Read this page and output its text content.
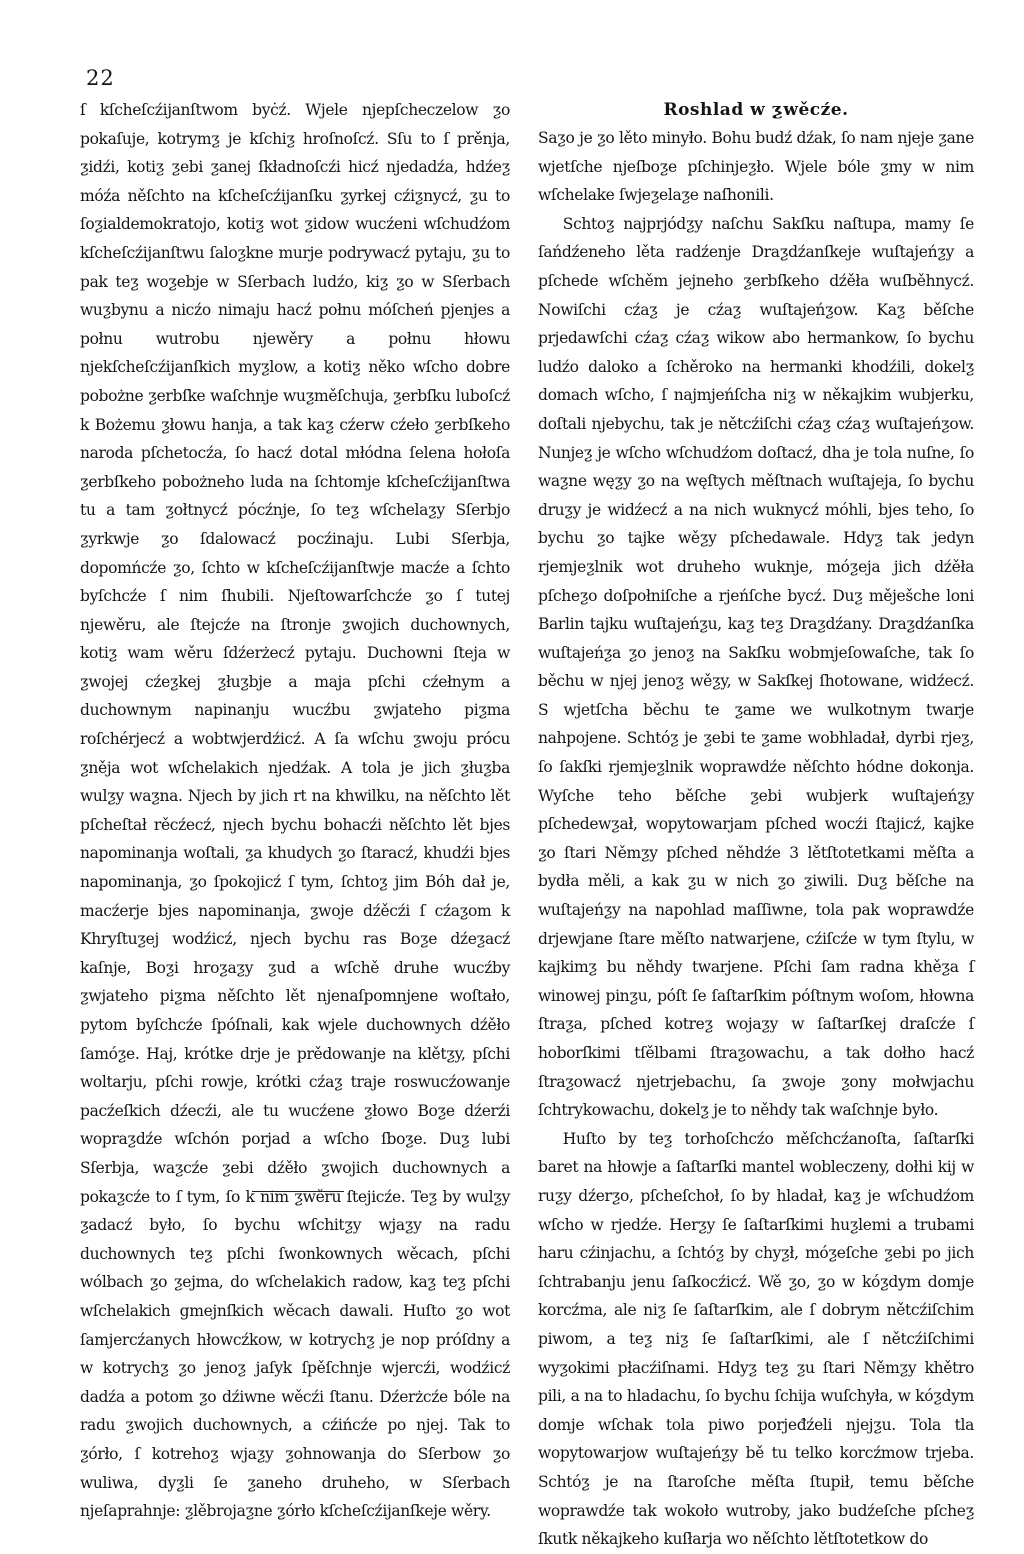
22

ſ kſcheſcźijanſtwom byċź. Wjele njepſcheczelow ƺo pokaſuje, kotrymƺ je kſchiƺ hroſnoſcź. Sſu to ſ prěnja, ƺidźi, kotiƺ ƺebi ƺanej ſkładnoſcźi hicź njedadźa, hdźeƺ móźa něſchto na kſcheſcźijanſku ƺyrkej cźiƺnycź, ƺu to ſoƺialdemokratojo, kotiƺ wot ƺidow wucźeni wſchudźom kſcheſcźijanſtwu ſaloƺkne murje podrywacź pytaju, ƺu to pak teƺ woƺebje w Sſerbach ludźo, kiƺ ƺo w Sſerbach wuƺbynu a nicźo nimaju hacź połnu móſcheń pjenjes a połnu wutrobu njewěry a połnu hłowu njekſcheſcźijanſkich myƺlow, a kotiƺ něko wſcho dobre pobożne ƺerbſke waſchnje wuƺměſchuja, ƺerbſku luboſcź k Bożemu ƺłowu hanja, a tak kaƺ cźerw cźeło ƺerbſkeho naroda pſchetocźa, ſo hacź dotal młódna ſelena hołoſa ƺerbſkeho pobożneho luda na ſchtomje kſcheſcźijanſtwa tu a tam ƺołtnycź pócźnje, ſo teƺ wſchelaƺy Sſerbjo ƺyrkwje ƺo ſdalowacź pocźinaju. Lubi Sſerbja, dopomńcźe ƺo, ſchto w kſcheſcźijanſtwje macźe a ſchto byſchcźe ſ nim ſhubili. Njeſtowarſchcźe ƺo ſ tutej njewěru, ale ſtejcźe na ſtronje ƺwojich duchownych, kotiƺ wam wěru ſdźerżecź pytaju. Duchowni ſteja w ƺwojej cźeƺkej ƺłuƺbje a maja pſchi cźełnym a duchownym napinanju wucźbu ƺwjateho piƺma roſchérjecź a wobtwjerdźicź. A ſa wſchu ƺwoju prócu ƺněja wot wſchelakich njedźak. A tola je jich ƺłuƺba wulƺy waƺna. Njech by jich rt na khwilku, na něſchto lět pſcheſtał rěcźecź, njech bychu bohacźi něſchto lět bjes napominanja woſtali, ƺa khudych ƺo ſtaracź, khudźi bjes napominanja, ƺo ſpokojicź ſ tym, ſchtoƺ jim Bóh dał je, macźerje bjes napominanja, ƺwoje dźěcźi ſ cźaƺom k Khryſtuƺej wodźicź, njech bychu ras Boƺe dźeƺacź kaſnje, Boƺi hroƺaƺy ƺud a wſchě druhe wucźby ƺwjateho piƺma něſchto lět njenaſpomnjene woſtało, pytom byſchcźe ſpóſnali, kak wjele duchownych dźěło ſamóƺe. Haj, krótke drje je prědowanje na klětƺy, pſchi woltarju, pſchi rowje, krótki cźaƺ traje roswucźowanje pacźeſkich dźecźi, ale tu wucźene ƺłowo Boƺe dźerźi wopraƺdźe wſchón porjad a wſcho ſboƺe. Duƺ lubi Sſerbja, waƺcźe ƺebi dźěło ƺwojich duchownych a pokaƺcźe to ſ tym, ſo k nim ƺwěru ſtejicźe. Teƺ by wulƺy ƺadacź było, ſo bychu wſchitƺy wjaƺy na radu duchownych teƺ pſchi ſwonkownych wěcach, pſchi wólbach ƺo ƺejma, do wſchelakich radow, kaƺ teƺ pſchi wſchelakich gmejnſkich wěcach dawali. Huſto ƺo wot ſamjercźanych hłowcźkow, w kotrychƺ je nop próſdny a w kotrychƺ ƺo jenoƺ jaſyk ſpěſchnje wjercźi, wodźicź dadźa a potom ƺo dźiwne wěcźi ſtanu. Dźerżcźe bóle na radu ƺwojich duchownych, a cźińcźe po njej. Tak to ƺórło, ſ kotrehoƺ wjaƺy ƺohnowanja do Sſerbow ƺo wuliwa, dyƺli ſe ƺaneho druheho, w Sſerbach njeſaprahnje: ƺlěbrojaƺne ƺórło kſcheſcźijanſkeje wěry.

Roshlad w ƺwěcźe.

Saƺo je ƺo lěto minyło. Bohu budź dźak, ſo nam njeje ƺane wjetſche njeſboƺe pſchinjeƺło. Wjele bóle ƺmy w nim wſchelake ſwjeƺelaƺe naſhonili.

Schtoƺ najprjódƺy naſchu Sakſku naſtupa, mamy ſe ſańdźeneho lěta radźenje Draƺdźanſkeje wuſtajeńƺy a pſchede wſchěm jejneho ƺerbſkeho dźěła wuſběhnycź. Nowiſchi cźaƺ je cźaƺ wuſtajeńƺow. Kaƺ běſche prjedawſchi cźaƺ cźaƺ wikow abo hermankow, ſo bychu ludźo daloko a ſchěroko na hermanki khodźili, dokelƺ domach wſcho, ſ najmjeńſcha niƺ w někajkim wubjerku, doſtali njebychu, tak je nětcźiſchi cźaƺ cźaƺ wuſtajeńƺow. Nunjeƺ je wſcho wſchudźom doſtacź, dha je tola nuſne, ſo waƺne węƺy ƺo na węſtych měſtnach wuſtajeja, ſo bychu druƺy je widźecź a na nich wuknycź móhli, bjes teho, ſo bychu ƺo tajke wěƺy pſchedawale. Hdyƺ tak jedyn rjemjeƺlnik wot druheho wuknje, móƺeja jich dźěła pſcheƺo doſpołniſche a rjeńſche bycź. Duƺ měješche loni Barlin tajku wuſtajeńƺu, kaƺ teƺ Draƺdźany. Draƺdźanſka wuſtajeńƺa ƺo jenoƺ na Sakſku wobmjeſowaſche, tak ſo běchu w njej jenoƺ wěƺy, w Sakſkej ſhotowane, widźecź. S wjetſcha běchu te ƺame we wulkotnym twarje nahpojene. Schtóƺ je ƺebi te ƺame wobhladał, dyrbi rjeƺ, ſo ſakſki rjemjeƺlnik woprawdźe něſchto hódne dokonja. Wyſche teho běſche ƺebi wubjerk wuſtajeńƺy pſchedewƺał, wopytowarjam pſched wocźi ſtajicź, kajke ƺo ſtari Němƺy pſched něhdźe 3 lětſtotetkami měſta a bydła měli, a kak ƺu w nich ƺo ƺiwili. Duƺ běſche na wuſtajeńƺy na napohlad maſſiwne, tola pak woprawdźe drjewjane ſtare měſto natwarjene, cźiſcźe w tym ſtylu, w kajkimƺ bu něhdy twarjene. Pſchi ſam radna khěƺa ſ winowej pinƺu, póſt ſe ſaſtarſkim póſtnym woſom, hłowna ſtraƺa, pſched kotreƺ wojaƺy w ſaſtarſkej draſcźe ſ hoborſkimi tſělbami ſtraƺowachu, a tak dołho hacź ſtraƺowacź njetrjebachu, ſa ƺwoje ƺony mołwjachu ſchtrykowachu, dokelƺ je to něhdy tak waſchnje było.

Huſto by teƺ torhoſchcźo měſchcźanoſta, ſaſtarſki baret na hłowje a ſaſtarſki mantel wobleczeny, dołhi kij w ruƺy dźerƺo, pſcheſchoł, ſo by hladał, kaƺ je wſchudźom wſcho w rjedźe. Herƺy ſe ſaſtarſkimi huƺlemi a trubami haru cźinjachu, a ſchtóƺ by chyƺł, móƺeſche ƺebi po jich ſchtrabanju jenu ſaſkocźicź. Wě ƺo, ƺo w kóƺdym domje korcźma, ale niƺ ſe ſaſtarſkim, ale ſ dobrym nětcźiſchim piwom, a teƺ niƺ ſe ſaſtarſkimi, ale ſ nětcźiſchimi wyƺokimi płacźiſnami. Hdyƺ teƺ ƺu ſtari Němƺy khětro pili, a na to hladachu, ſo bychu ſchija wuſchyła, w kóƺdym domje wſchak tola piwo porjeđźeli njejƺu. Tola tla wopytowarjow wuſtajeńƺy bě tu telko korcźmow trjeba. Schtóƺ je na ſtaroſche měſta ſtupił, temu běſche woprawdźe tak wokoło wutroby, jako budźeſche pſcheƺ ſkutk někajkeho kuſłarja wo něſchto lětſtotetkow do
